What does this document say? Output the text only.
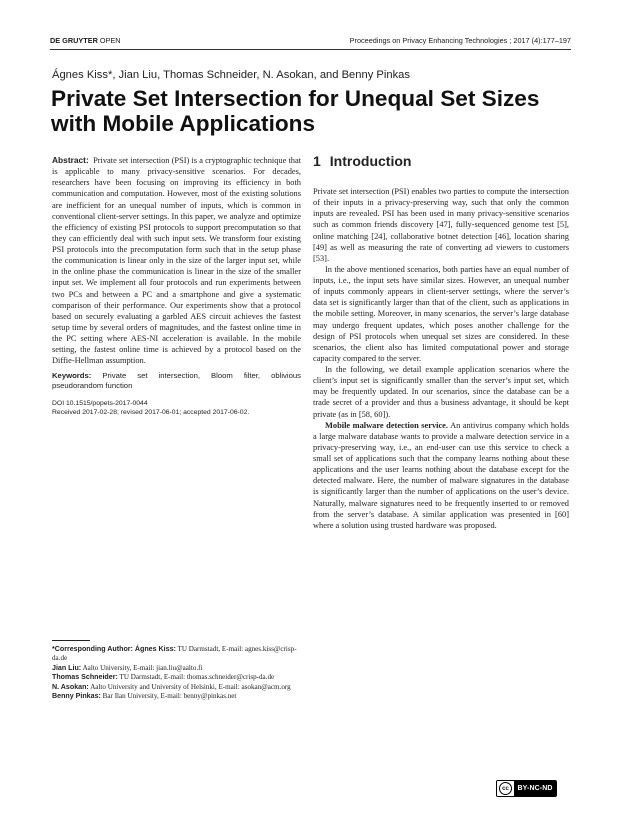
DE GRUYTER OPEN	Proceedings on Privacy Enhancing Technologies ; 2017 (4):177–197
Ágnes Kiss*, Jian Liu, Thomas Schneider, N. Asokan, and Benny Pinkas
Private Set Intersection for Unequal Set Sizes with Mobile Applications

Abstract: Private set intersection (PSI) is a cryptographic technique that is applicable to many privacy-sensitive scenarios. For decades, researchers have been focusing on improving its efficiency in both communication and computation. However, most of the existing solutions are inefficient for an unequal number of inputs, which is common in conventional client-server settings. In this paper, we analyze and optimize the efficiency of existing PSI protocols to support precomputation so that they can efficiently deal with such input sets. We transform four existing PSI protocols into the precomputation form such that in the setup phase the communication is linear only in the size of the larger input set, while in the online phase the communication is linear in the size of the smaller input set. We implement all four protocols and run experiments between two PCs and between a PC and a smartphone and give a systematic comparison of their performance. Our experiments show that a protocol based on securely evaluating a garbled AES circuit achieves the fastest setup time by several orders of magnitudes, and the fastest online time in the PC setting where AES-NI acceleration is available. In the mobile setting, the fastest online time is achieved by a protocol based on the Diffie-Hellman assumption.

Keywords: Private set intersection, Bloom filter, oblivious pseudorandom function

DOI 10.1515/popets-2017-0044
Received 2017-02-28; revised 2017-06-01; accepted 2017-06-02.
*Corresponding Author: Ágnes Kiss: TU Darmstadt, E-mail: agnes.kiss@crisp-da.de
Jian Liu: Aalto University, E-mail: jian.liu@aalto.fi
Thomas Schneider: TU Darmstadt, E-mail: thomas.schneider@crisp-da.de
N. Asokan: Aalto University and University of Helsinki, E-mail: asokan@acm.org
Benny Pinkas: Bar Ilan University, E-mail: benny@pinkas.net
1 Introduction

Private set intersection (PSI) enables two parties to compute the intersection of their inputs in a privacy-preserving way, such that only the common inputs are revealed. PSI has been used in many privacy-sensitive scenarios such as common friends discovery [47], fully-sequenced genome test [5], online matching [24], collaborative botnet detection [46], location sharing [49] as well as measuring the rate of converting ad viewers to customers [53].

In the above mentioned scenarios, both parties have an equal number of inputs, i.e., the input sets have similar sizes. However, an unequal number of inputs commonly appears in client-server settings, where the server’s data set is significantly larger than that of the client, such as applications in the mobile setting. Moreover, in many scenarios, the server’s large database may undergo frequent updates, which poses another challenge for the design of PSI protocols when unequal set sizes are considered. In these scenarios, the client also has limited computational power and storage capacity compared to the server.

In the following, we detail example application scenarios where the client’s input set is significantly smaller than the server’s input set, which may be frequently updated. In our scenarios, since the database can be a trade secret of a provider and thus a business advantage, it should be kept private (as in [58, 60]).

Mobile malware detection service. An antivirus company which holds a large malware database wants to provide a malware detection service in a privacy-preserving way, i.e., an end-user can use this service to check a small set of applications such that the company learns nothing about these applications and the user learns nothing about the database except for the detected malware. Here, the number of malware signatures in the database is significantly larger than the number of applications on the user’s device. Naturally, malware signatures need to be frequently inserted to or removed from the server’s database. A similar application was presented in [60] where a solution using trusted hardware was proposed.

cc	BY-NC-ND
